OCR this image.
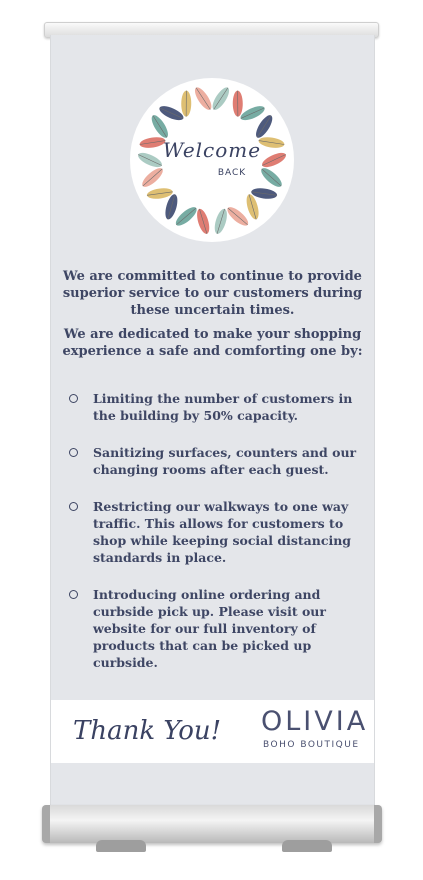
Welcome
BACK
We are committed to continue to provide superior service to our customers during these uncertain times.
We are dedicated to make your shopping experience a safe and comforting one by:
Limiting the number of customers in the building by 50% capacity.
Sanitizing surfaces, counters and our changing rooms after each guest.
Restricting our walkways to one way traffic. This allows for customers to shop while keeping social distancing standards in place.
Introducing online ordering and curbside pick up. Please visit our website for our full inventory of products that can be picked up curbside.
Thank You! OLIVIA
BOHO BOUTIQUE
